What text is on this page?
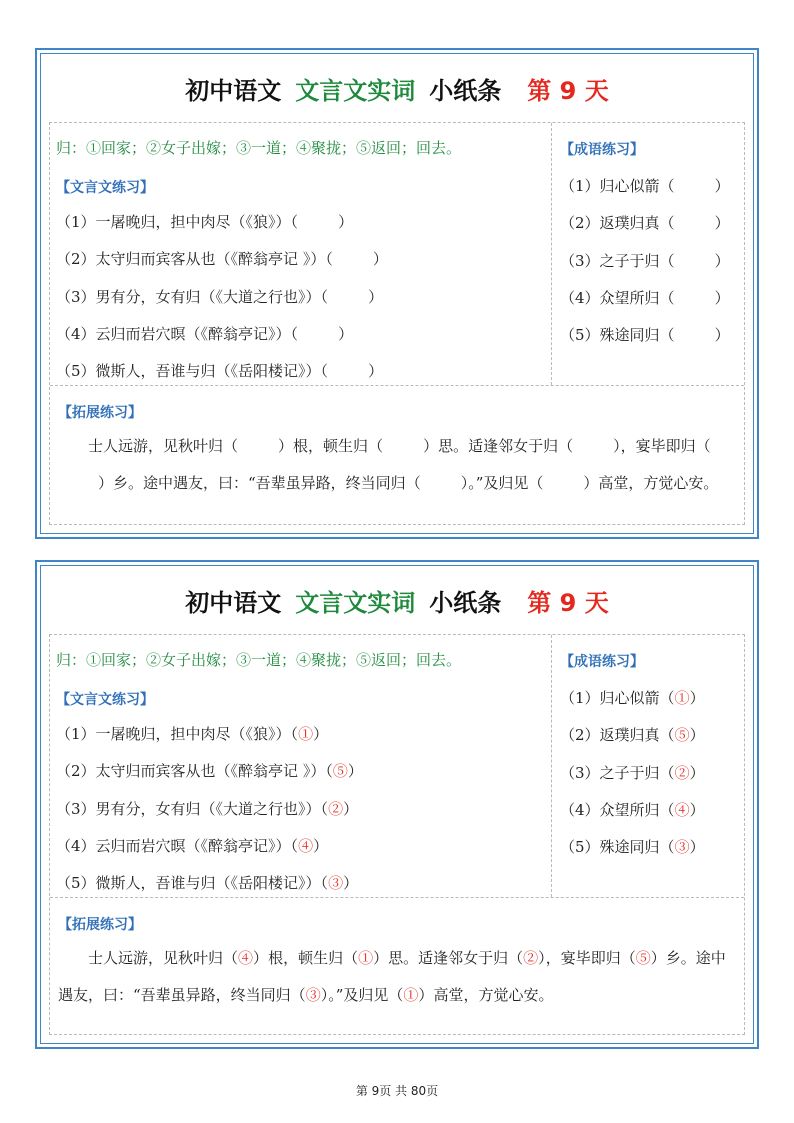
初中语文 文言文实词 小纸条 第 9 天
归：①回家；②女子出嫁；③一道；④聚拢；⑤返回；回去。
【文言文练习】
（1）一屠晚归，担中肉尽（《狼》）（	）
（2）太守归而宾客从也（《醉翁亭记 》）（	）
（3）男有分，女有归（《大道之行也》）（	）
（4）云归而岩穴暝（《醉翁亭记》）（	）
（5）微斯人，吾谁与归（《岳阳楼记》）（	）
【成语练习】
（1）归心似箭（	）
（2）返璞归真（	）
（3）之子于归（	）
（4）众望所归（	）
（5）殊途同归（	）
【拓展练习】
士人远游，见秋叶归（	）根，顿生归（	）思。适逢邻女于归（	），宴毕即归（）乡。途中遇友，曰：“吾辈虽异路，终当同归（	）。”及归见（	）高堂，方觉心安。
初中语文 文言文实词 小纸条 第 9 天
归：①回家；②女子出嫁；③一道；④聚拢；⑤返回；回去。
【文言文练习】
（1）一屠晚归，担中肉尽（《狼》）（①）
（2）太守归而宾客从也（《醉翁亭记 》）（⑤）
（3）男有分，女有归（《大道之行也》）（②）
（4）云归而岩穴暝（《醉翁亭记》）（④）
（5）微斯人，吾谁与归（《岳阳楼记》）（③）
【成语练习】
（1）归心似箭（①）
（2）返璞归真（⑤）
（3）之子于归（②）
（4）众望所归（④）
（5）殊途同归（③）
【拓展练习】
士人远游，见秋叶归（④）根，顿生归（①）思。适逢邻女于归（②），宴毕即归（⑤）乡。途中遇友，曰：“吾辈虽异路，终当同归（③）。”及归见（①）高堂，方觉心安。
第 9页 共 80页
